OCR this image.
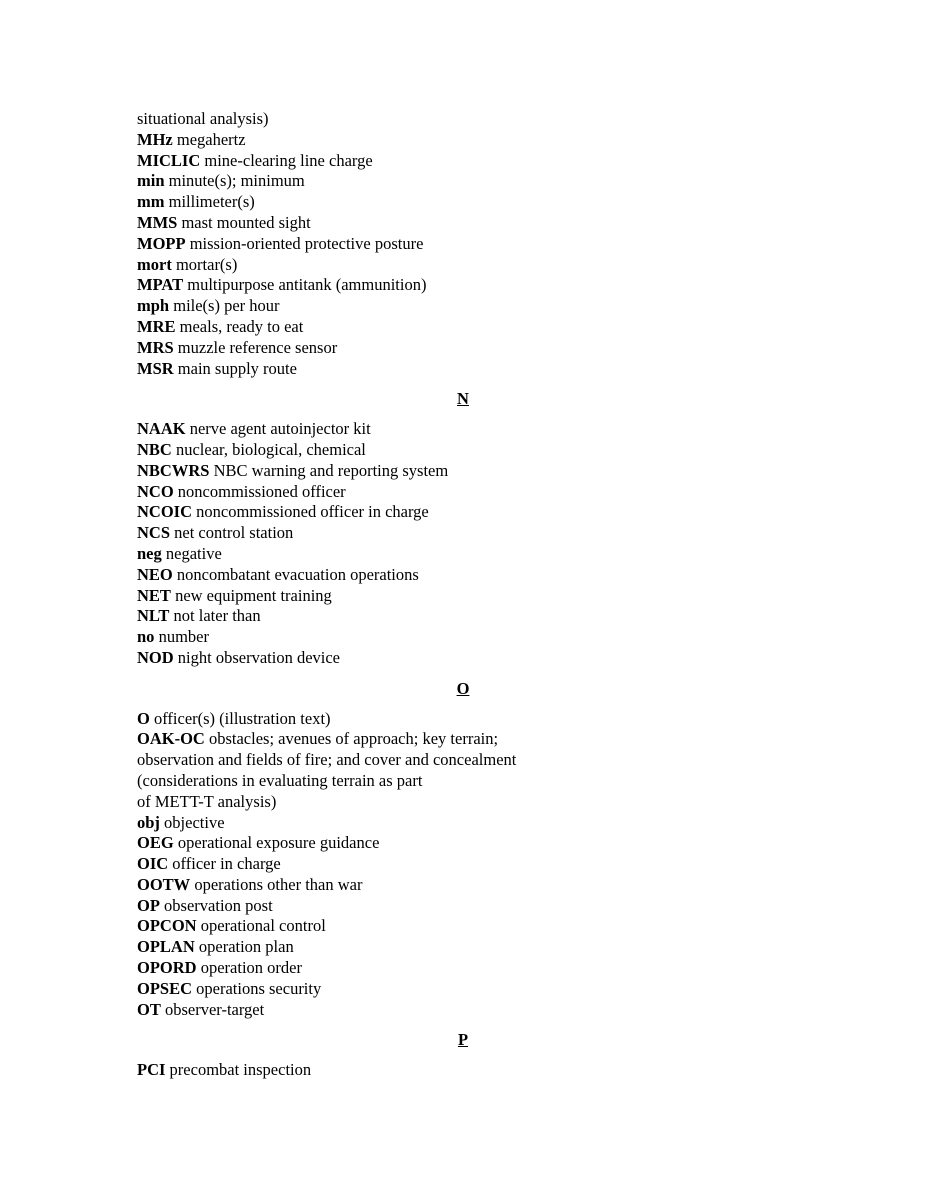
situational analysis)
MHz megahertz
MICLIC mine-clearing line charge
min minute(s); minimum
mm millimeter(s)
MMS mast mounted sight
MOPP mission-oriented protective posture
mort mortar(s)
MPAT multipurpose antitank (ammunition)
mph mile(s) per hour
MRE meals, ready to eat
MRS muzzle reference sensor
MSR main supply route
N
NAAK nerve agent autoinjector kit
NBC nuclear, biological, chemical
NBCWRS NBC warning and reporting system
NCO noncommissioned officer
NCOIC noncommissioned officer in charge
NCS net control station
neg negative
NEO noncombatant evacuation operations
NET new equipment training
NLT not later than
no number
NOD night observation device
O
O officer(s) (illustration text)
OAK-OC obstacles; avenues of approach; key terrain;
observation and fields of fire; and cover and concealment
(considerations in evaluating terrain as part
of METT-T analysis)
obj objective
OEG operational exposure guidance
OIC officer in charge
OOTW operations other than war
OP observation post
OPCON operational control
OPLAN operation plan
OPORD operation order
OPSEC operations security
OT observer-target
P
PCI precombat inspection
